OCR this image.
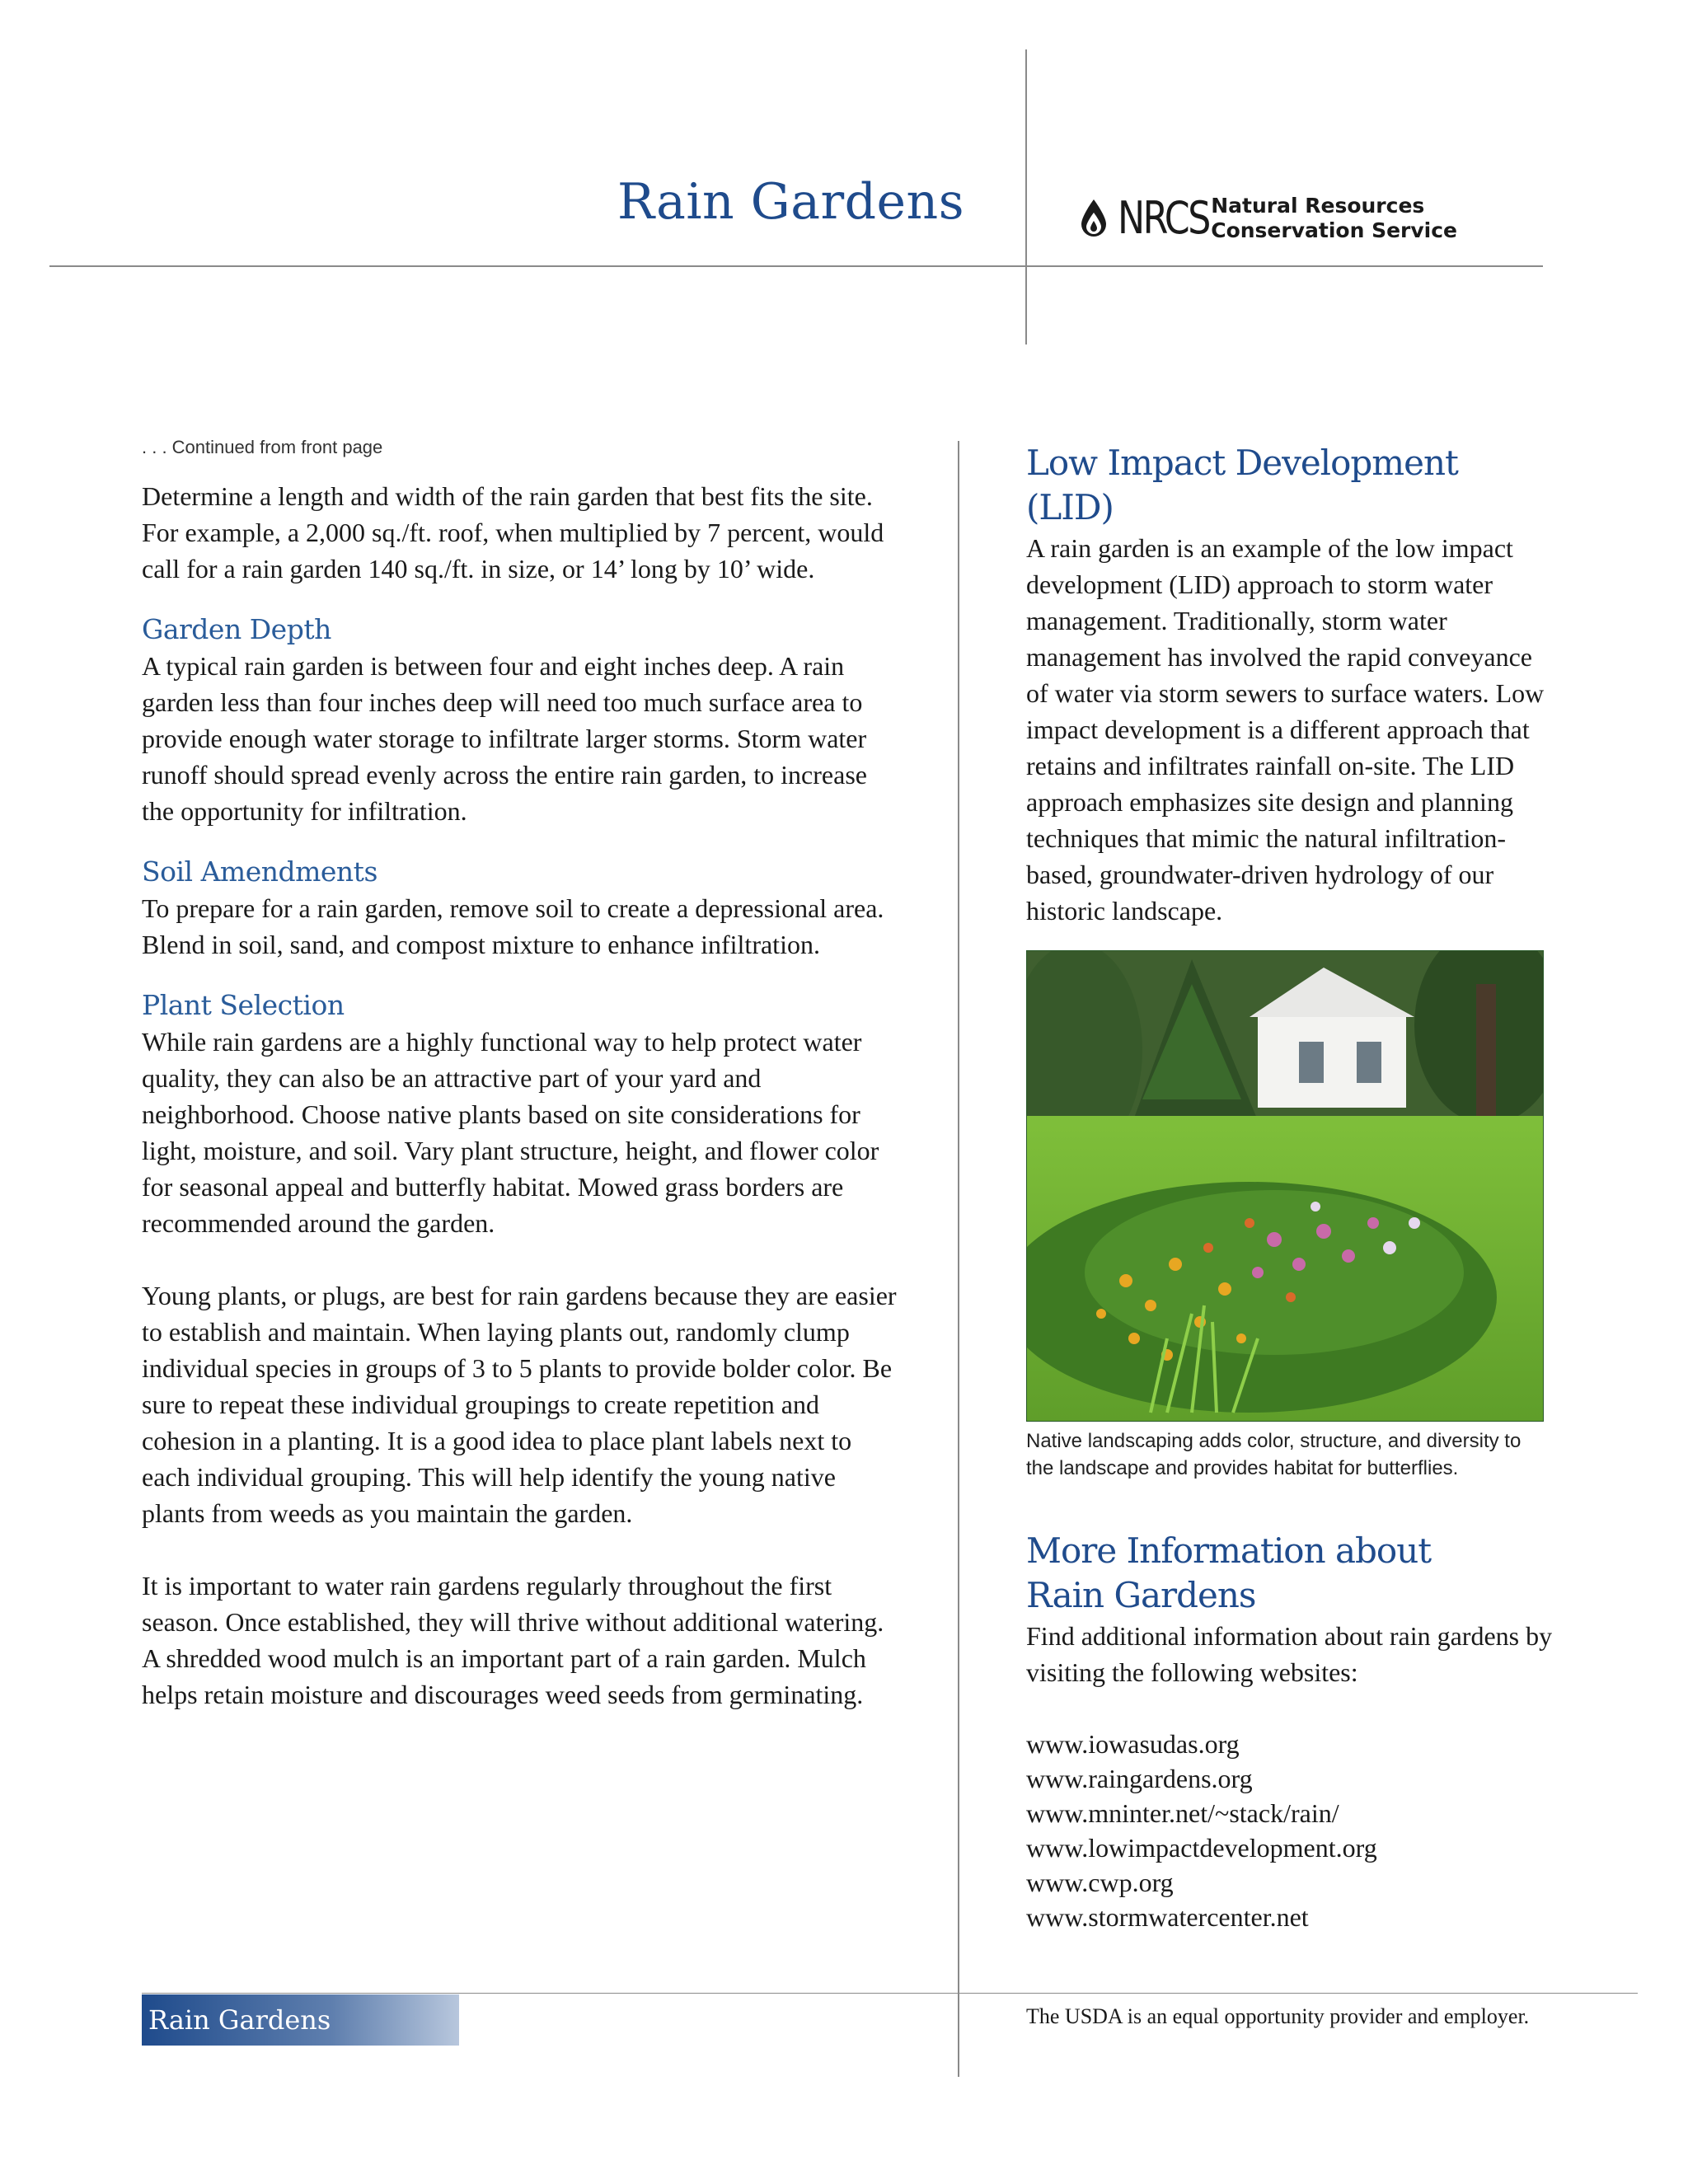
Rain Gardens	NRCS Natural Resources
Conservation Service
. . . Continued from front page

Determine a length and width of the rain garden that best fits the site. For example, a 2,000 sq./ft. roof, when multiplied by 7 percent, would call for a rain garden 140 sq./ft. in size, or 14’ long by 10’ wide.

Garden Depth

A typical rain garden is between four and eight inches deep. A rain garden less than four inches deep will need too much surface area to provide enough water storage to infiltrate larger storms. Storm water runoff should spread evenly across the entire rain garden, to increase the opportunity for infiltration.

Soil Amendments

To prepare for a rain garden, remove soil to create a depressional area. Blend in soil, sand, and compost mixture to enhance infiltration.

Plant Selection

While rain gardens are a highly functional way to help protect water quality, they can also be an attractive part of your yard and neighborhood. Choose native plants based on site considerations for light, moisture, and soil. Vary plant structure, height, and flower color for seasonal appeal and butterfly habitat. Mowed grass borders are recommended around the garden.

Young plants, or plugs, are best for rain gardens because they are easier to establish and maintain. When laying plants out, randomly clump individual species in groups of 3 to 5 plants to provide bolder color. Be sure to repeat these individual groupings to create repetition and cohesion in a planting. It is a good idea to place plant labels next to each individual grouping. This will help identify the young native plants from weeds as you maintain the garden.

It is important to water rain gardens regularly throughout the first season. Once established, they will thrive without additional watering. A shredded wood mulch is an important part of a rain garden. Mulch helps retain moisture and discourages weed seeds from germinating.

Low Impact Development (LID)

A rain garden is an example of the low impact development (LID) approach to storm water management. Traditionally, storm water management has involved the rapid conveyance of water via storm sewers to surface waters. Low impact development is a different approach that retains and infiltrates rainfall on-site. The LID approach emphasizes site design and planning techniques that mimic the natural infiltration-based, groundwater-driven hydrology of our historic landscape.

Native landscaping adds color, structure, and diversity to the landscape and provides habitat for butterflies.
More Information about
Rain Gardens

Find additional information about rain gardens by visiting the following websites:

www.iowasudas.org
www.raingardens.org
www.mninter.net/~stack/rain/
www.lowimpactdevelopment.org
www.cwp.org
www.stormwatercenter.net
Rain Gardens	The USDA is an equal opportunity provider and employer.
